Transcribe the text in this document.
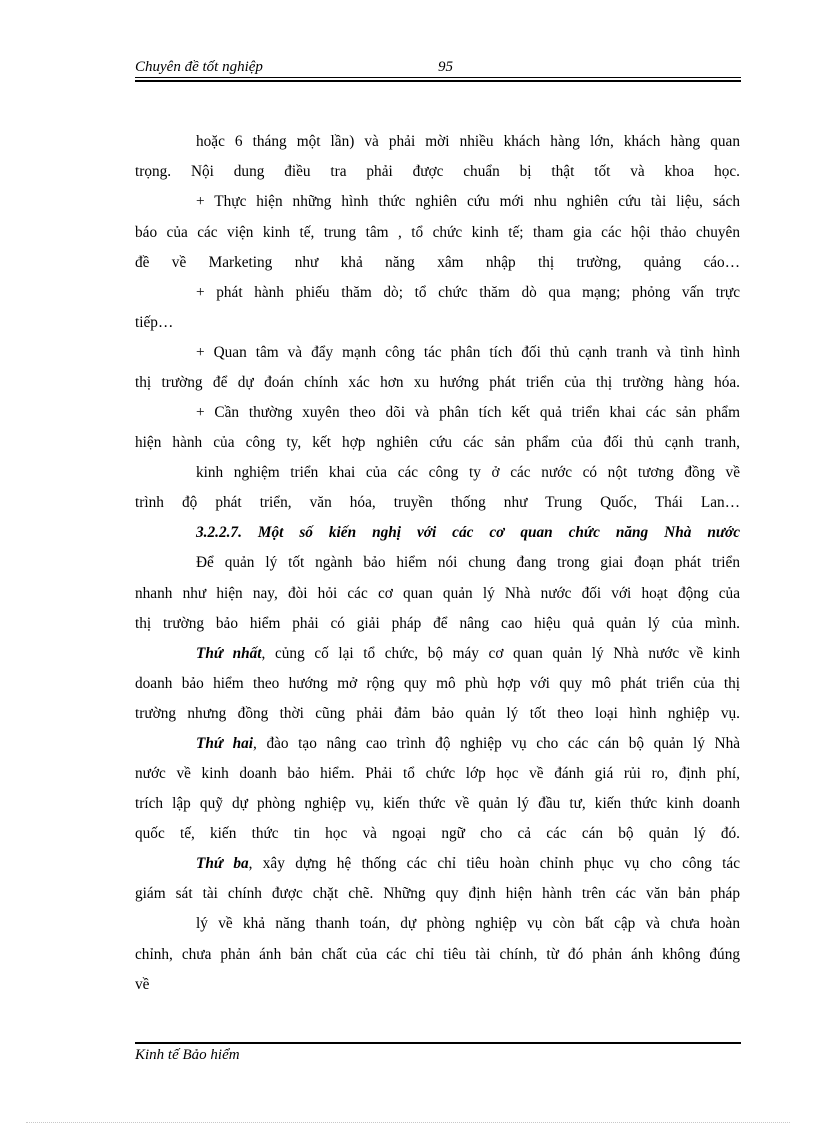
Chuyên đề tốt nghiệp	95
hoặc 6 tháng một lần) và phải mời nhiều khách hàng lớn, khách hàng quan
trọng. Nội dung điều tra phải được chuẩn bị thật tốt và khoa học.
+ Thực hiện những hình thức nghiên cứu mới nhu nghiên cứu tài liệu, sách
báo của các viện kinh tế, trung tâm , tổ chức kinh tế; tham gia các hội thảo chuyên
đề về Marketing như khả năng xâm nhập thị trường, quảng cáo…
+ phát hành phiếu thăm dò; tổ chức thăm dò qua mạng; phỏng vấn trực
tiếp…
+ Quan tâm và đẩy mạnh công tác phân tích đối thủ cạnh tranh và tình hình
thị trường để dự đoán chính xác hơn xu hướng phát triển của thị trường hàng hóa.
+ Cần thường xuyên theo dõi và phân tích kết quả triển khai các sản phẩm
hiện hành của công ty, kết hợp nghiên cứu các sản phẩm của đối thủ cạnh tranh,
kinh nghiệm triển khai của các công ty ở các nước có nột tương đồng về
trình độ phát triển, văn hóa, truyền thống như Trung Quốc, Thái Lan…
3.2.2.7. Một số kiến nghị với các cơ quan chức năng Nhà nước
Để quản lý tốt ngành bảo hiểm nói chung đang trong giai đoạn phát triển
nhanh như hiện nay, đòi hỏi các cơ quan quản lý Nhà nước đối với hoạt động của
thị trường bảo hiểm phải có giải pháp để nâng cao hiệu quả quản lý của mình.
Thứ nhất, củng cố lại tổ chức, bộ máy cơ quan quản lý Nhà nước về kinh
doanh bảo hiểm theo hướng mở rộng quy mô phù hợp với quy mô phát triển của thị
trường nhưng đồng thời cũng phải đảm bảo quản lý tốt theo loại hình nghiệp vụ.
Thứ hai, đào tạo nâng cao trình độ nghiệp vụ cho các cán bộ quản lý Nhà
nước về kinh doanh bảo hiểm. Phải tổ chức lớp học về đánh giá rủi ro, định phí,
trích lập quỹ dự phòng nghiệp vụ, kiến thức về quản lý đầu tư, kiến thức kinh doanh
quốc tế, kiến thức tin học và ngoại ngữ cho cả các cán bộ quản lý đó.
Thứ ba, xây dựng hệ thống các chỉ tiêu hoàn chỉnh phục vụ cho công tác
giám sát tài chính được chặt chẽ. Những quy định hiện hành trên các văn bản pháp
lý về khả năng thanh toán, dự phòng nghiệp vụ còn bất cập và chưa hoàn
chỉnh, chưa phản ánh bản chất của các chỉ tiêu tài chính, từ đó phản ánh không đúng
về
Kinh tế Bảo hiểm
